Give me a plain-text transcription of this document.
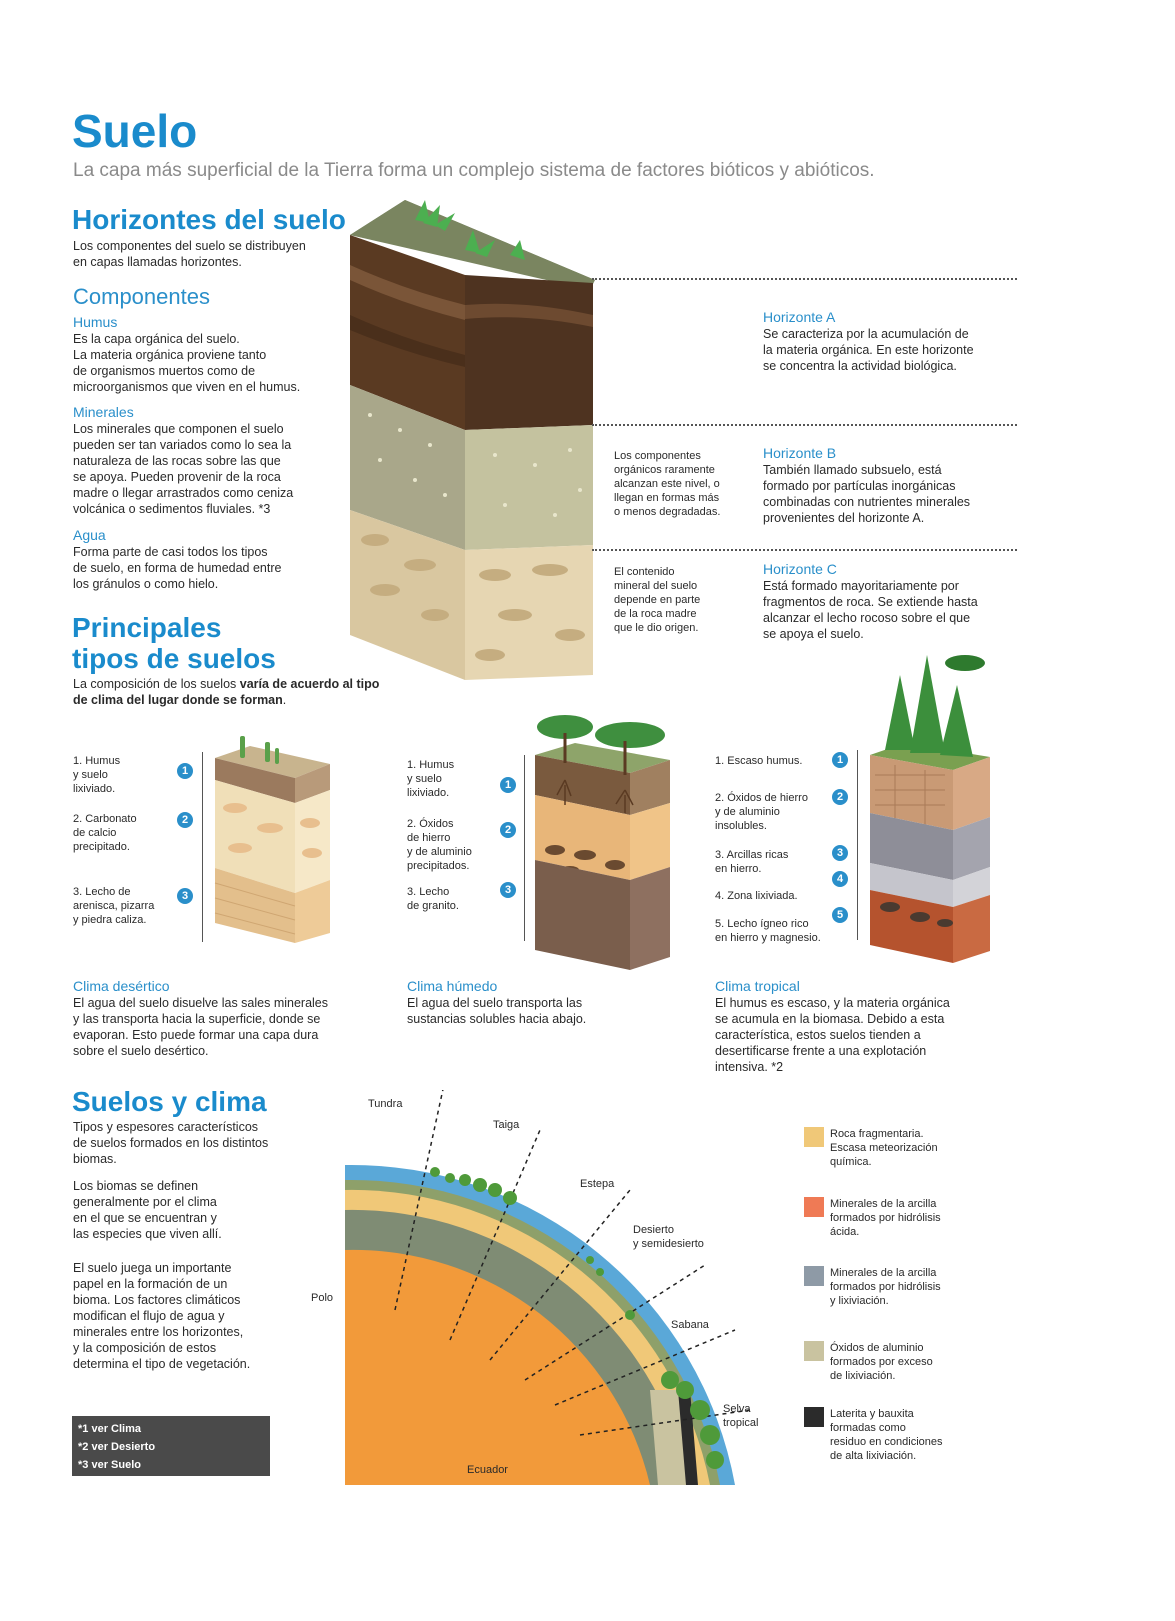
Suelo
La capa más superficial de la Tierra forma un complejo sistema de factores bióticos y abióticos.
Horizontes del suelo
Los componentes del suelo se distribuyen
en capas llamadas horizontes.
Componentes
Humus
Es la capa orgánica del suelo.
La materia orgánica proviene tanto
de organismos muertos como de
microorganismos que viven en el humus.
Minerales
Los minerales que componen el suelo
pueden ser tan variados como lo sea la
naturaleza de las rocas sobre las que
se apoya. Pueden provenir de la roca
madre o llegar arrastrados como ceniza
volcánica o sedimentos fluviales. *3
Agua
Forma parte de casi todos los tipos
de suelo, en forma de humedad entre
los gránulos o como hielo.
Horizonte A
Se caracteriza por la acumulación de
la materia orgánica. En este horizonte
se concentra la actividad biológica.
Horizonte B
También llamado subsuelo, está
formado por partículas inorgánicas
combinadas con nutrientes minerales
provenientes del horizonte A.
Horizonte C
Está formado mayoritariamente por
fragmentos de roca. Se extiende hasta
alcanzar el lecho rocoso sobre el que
se apoya el suelo.
Los componentes
orgánicos raramente
alcanzan este nivel, o
llegan en formas más
o menos degradadas.
El contenido
mineral del suelo
depende en parte
de la roca madre
que le dio origen.
Principales
tipos de suelos
La composición de los suelos varía de acuerdo al tipo
de clima del lugar donde se forman.
1. Humus
y suelo
lixiviado.
2. Carbonato
de calcio
precipitado.
3. Lecho de
arenisca, pizarra
y piedra caliza.
1
2
3
Clima desértico
El agua del suelo disuelve las sales minerales
y las transporta hacia la superficie, donde se
evaporan. Esto puede formar una capa dura
sobre el suelo desértico.
1. Humus
y suelo
lixiviado.
2. Óxidos
de hierro
y de aluminio
precipitados.
3. Lecho
de granito.
1
2
3
Clima húmedo
El agua del suelo transporta las
sustancias solubles hacia abajo.
1. Escaso humus.
2. Óxidos de hierro
y de aluminio
insolubles.
3. Arcillas ricas
en hierro.
4. Zona lixiviada.
5. Lecho ígneo rico
en hierro y magnesio.
1
2
3
4
5
Clima tropical
El humus es escaso, y la materia orgánica
se acumula en la biomasa. Debido a esta
característica, estos suelos tienden a
desertificarse frente a una explotación
intensiva. *2
Suelos y clima
Tipos y espesores característicos
de suelos formados en los distintos
biomas.
Los biomas se definen
generalmente por el clima
en el que se encuentran y
las especies que viven allí.
El suelo juega un importante
papel en la formación de un
bioma. Los factores climáticos
modifican el flujo de agua y
minerales entre los horizontes,
y la composición de estos
determina el tipo de vegetación.
Tundra
Taiga
Estepa
Desierto
y semidesierto
Sabana
Selva
tropical
Polo
Ecuador
Roca fragmentaria.
Escasa meteorización
química.
Minerales de la arcilla
formados por hidrólisis
ácida.
Minerales de la arcilla
formados por hidrólisis
y lixiviación.
Óxidos de aluminio
formados por exceso
de lixiviación.
Laterita y bauxita
formadas como
residuo en condiciones
de alta lixiviación.
*1 ver Clima
*2 ver Desierto
*3 ver Suelo
